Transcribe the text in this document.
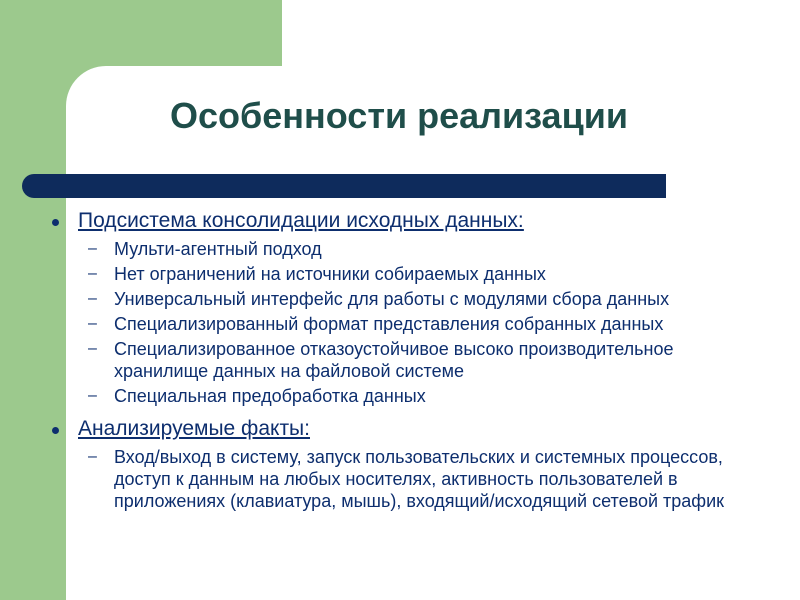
Особенности реализации
Подсистема консолидации исходных данных:
– Мульти-агентный подход
– Нет ограничений на источники собираемых данных
– Универсальный интерфейс для работы с модулями сбора данных
– Специализированный формат представления собранных данных
– Специализированное отказоустойчивое высоко производительное хранилище данных на файловой системе
– Специальная предобработка данных
Анализируемые факты:
– Вход/выход в систему, запуск пользовательских и системных процессов, доступ к данным на любых носителях, активность пользователей в приложениях (клавиатура, мышь), входящий/исходящий сетевой трафик
